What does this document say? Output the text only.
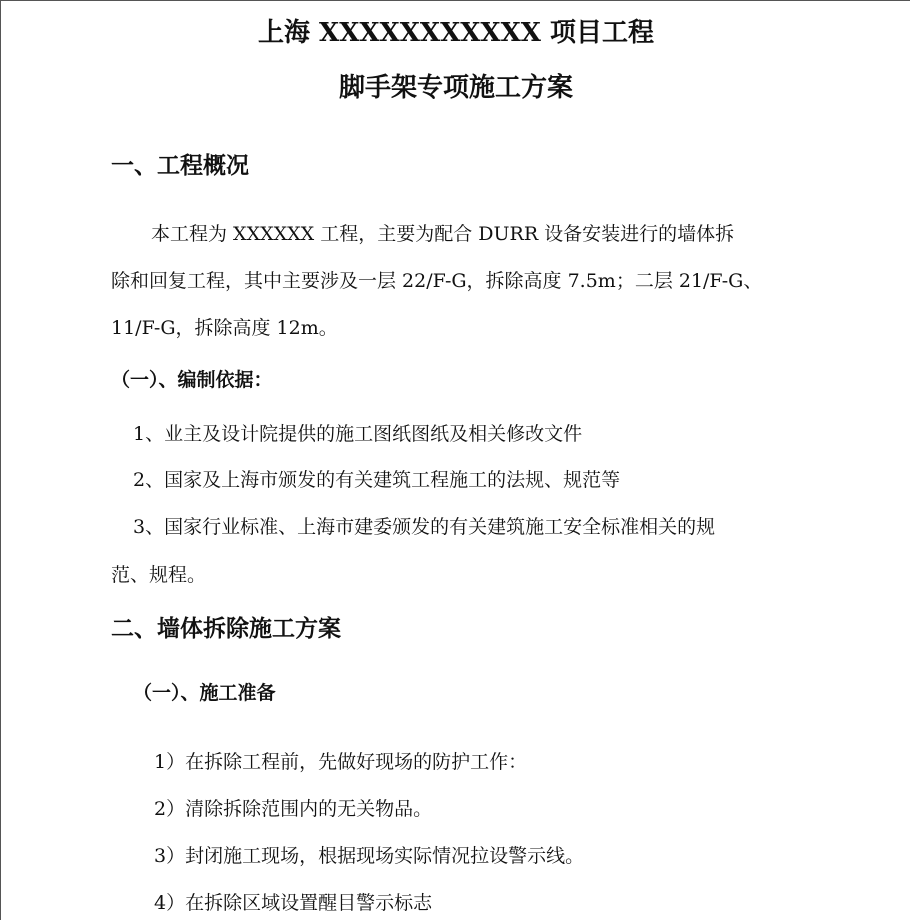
上海 XXXXXXXXXXX 项目工程
脚手架专项施工方案
一、工程概况
本工程为 XXXXXX 工程，主要为配合 DURR 设备安装进行的墙体拆
除和回复工程，其中主要涉及一层 22/F-G，拆除高度 7.5m；二层 21/F-G、
11/F-G，拆除高度 12m。
（一）、编制依据：
1、业主及设计院提供的施工图纸图纸及相关修改文件
2、国家及上海市颁发的有关建筑工程施工的法规、规范等
3、国家行业标准、上海市建委颁发的有关建筑施工安全标准相关的规
范、规程。
二、墙体拆除施工方案
（一）、施工准备
1）在拆除工程前，先做好现场的防护工作：
2）清除拆除范围内的无关物品。
3）封闭施工现场，根据现场实际情况拉设警示线。
4）在拆除区域设置醒目警示标志
